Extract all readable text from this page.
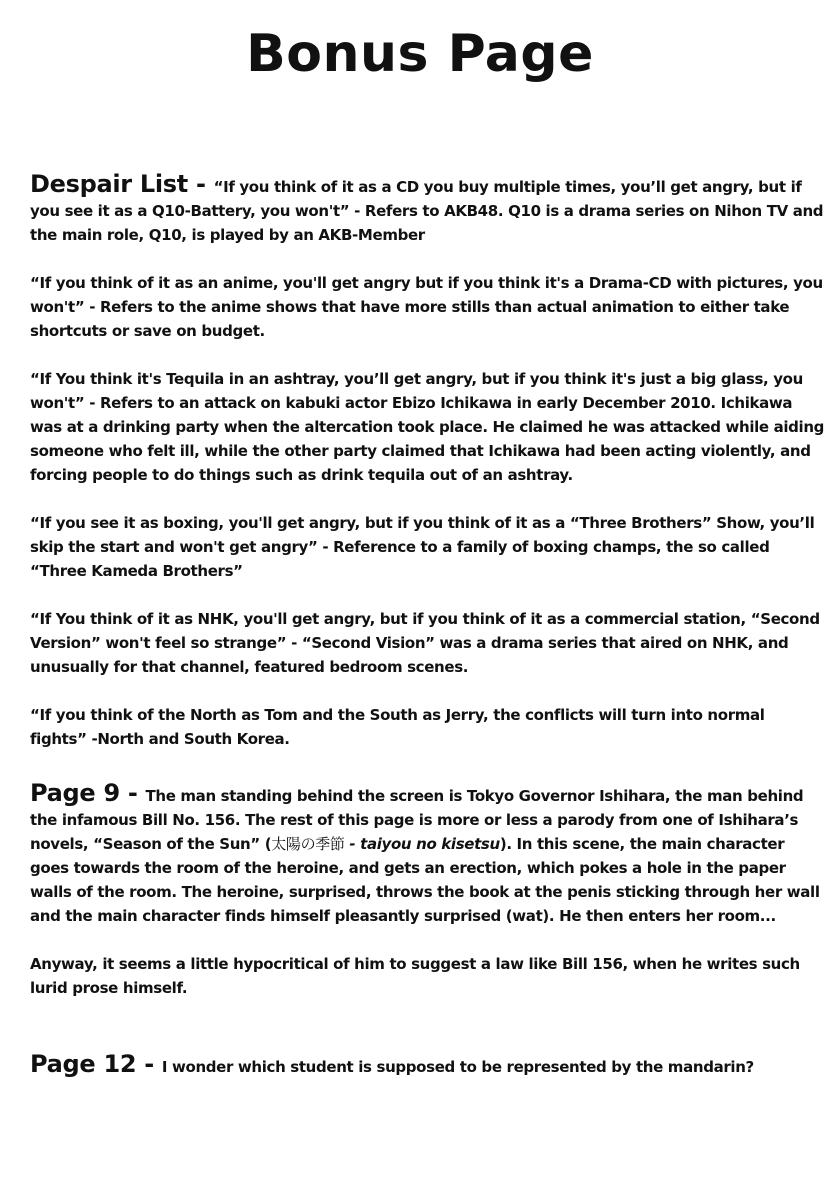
Bonus Page

Despair List - “If you think of it as a CD you buy multiple times, you’ll get angry, but if you see it as a Q10-Battery, you won't” - Refers to AKB48. Q10 is a drama series on Nihon TV and the main role, Q10, is played by an AKB-Member

“If you think of it as an anime, you'll get angry but if you think it's a Drama-CD with pictures, you won't” - Refers to the anime shows that have more stills than actual animation to either take shortcuts or save on budget.

“If You think it's Tequila in an ashtray, you’ll get angry, but if you think it's just a big glass, you won't” - Refers to an attack on kabuki actor Ebizo Ichikawa in early December 2010. Ichikawa was at a drinking party when the altercation took place. He claimed he was attacked while aiding someone who felt ill, while the other party claimed that Ichikawa had been acting violently, and forcing people to do things such as drink tequila out of an ashtray.

“If you see it as boxing, you'll get angry, but if you think of it as a “Three Brothers” Show, you’ll skip the start and won't get angry” - Reference to a family of boxing champs, the so called “Three Kameda Brothers”

“If You think of it as NHK, you'll get angry, but if you think of it as a commercial station, “Second Version” won't feel so strange” - “Second Vision” was a drama series that aired on NHK, and unusually for that channel, featured bedroom scenes.

“If you think of the North as Tom and the South as Jerry, the conflicts will turn into normal fights” -North and South Korea.

Page 9 - The man standing behind the screen is Tokyo Governor Ishihara, the man behind the infamous Bill No. 156. The rest of this page is more or less a parody from one of Ishihara’s novels, “Season of the Sun” (太陽の季節 - taiyou no kisetsu). In this scene, the main character goes towards the room of the heroine, and gets an erection, which pokes a hole in the paper walls of the room. The heroine, surprised, throws the book at the penis sticking through her wall and the main character finds himself pleasantly surprised (wat). He then enters her room...

Anyway, it seems a little hypocritical of him to suggest a law like Bill 156, when he writes such lurid prose himself.

Page 12 - I wonder which student is supposed to be represented by the mandarin?
